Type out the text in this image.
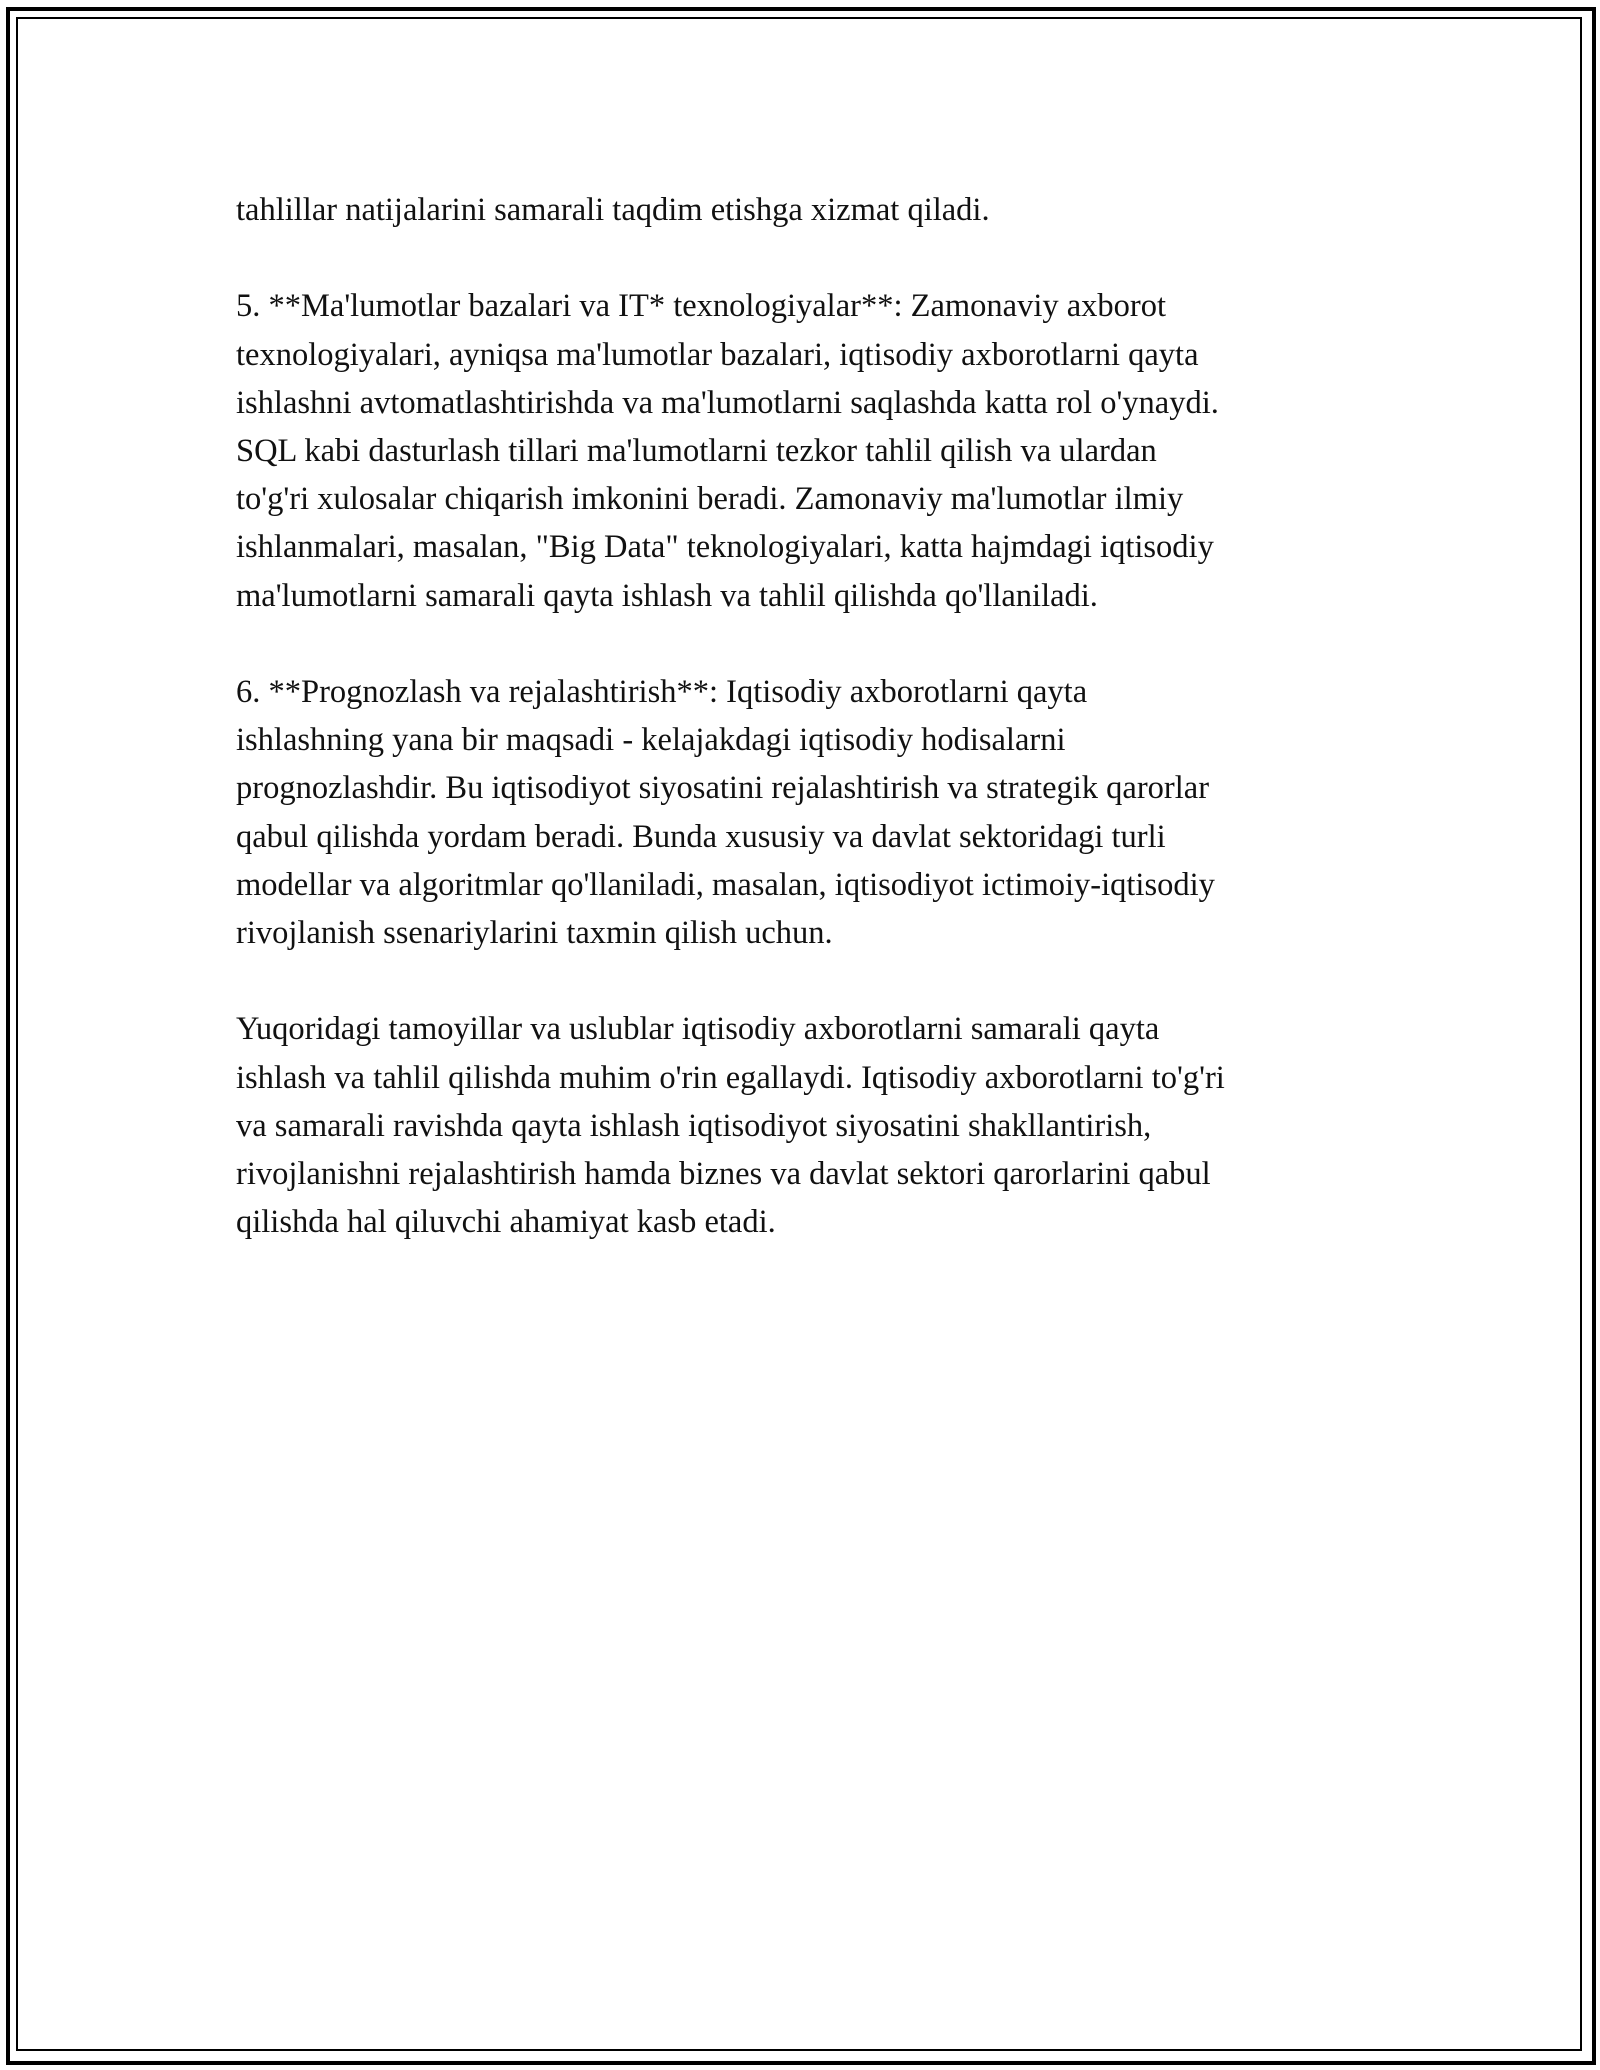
tahlillar natijalarini samarali taqdim etishga xizmat qiladi.
5. **Ma'lumotlar bazalari va IT* texnologiyalar**: Zamonaviy axborot
texnologiyalari, ayniqsa ma'lumotlar bazalari, iqtisodiy axborotlarni qayta
ishlashni avtomatlashtirishda va ma'lumotlarni saqlashda katta rol o'ynaydi.
SQL kabi dasturlash tillari ma'lumotlarni tezkor tahlil qilish va ulardan
to'g'ri xulosalar chiqarish imkonini beradi. Zamonaviy ma'lumotlar ilmiy
ishlanmalari, masalan, "Big Data" teknologiyalari, katta hajmdagi iqtisodiy
ma'lumotlarni samarali qayta ishlash va tahlil qilishda qo'llaniladi.
6. **Prognozlash va rejalashtirish**: Iqtisodiy axborotlarni qayta
ishlashning yana bir maqsadi - kelajakdagi iqtisodiy hodisalarni
prognozlashdir. Bu iqtisodiyot siyosatini rejalashtirish va strategik qarorlar
qabul qilishda yordam beradi. Bunda xususiy va davlat sektoridagi turli
modellar va algoritmlar qo'llaniladi, masalan, iqtisodiyot ictimoiy-iqtisodiy
rivojlanish ssenariylarini taxmin qilish uchun.
Yuqoridagi tamoyillar va uslublar iqtisodiy axborotlarni samarali qayta
ishlash va tahlil qilishda muhim o'rin egallaydi. Iqtisodiy axborotlarni to'g'ri
va samarali ravishda qayta ishlash iqtisodiyot siyosatini shakllantirish,
rivojlanishni rejalashtirish hamda biznes va davlat sektori qarorlarini qabul
qilishda hal qiluvchi ahamiyat kasb etadi.
